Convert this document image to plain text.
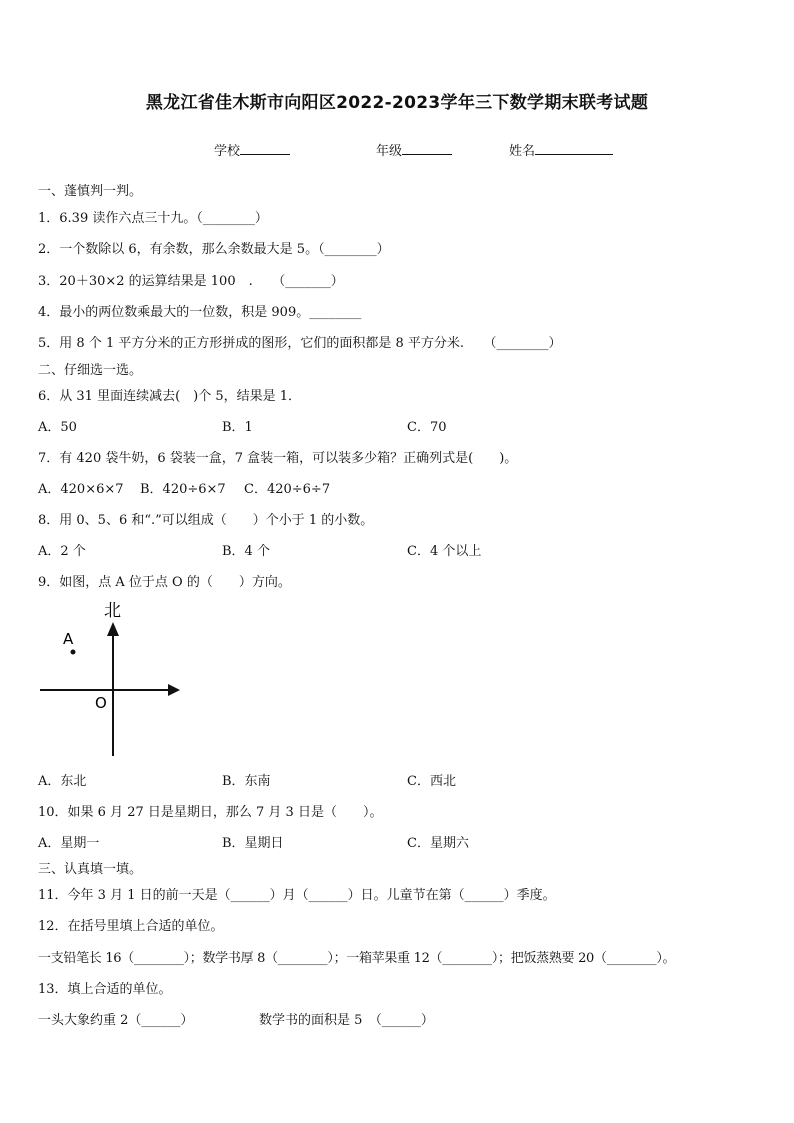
黑龙江省佳木斯市向阳区2022-2023学年三下数学期末联考试题
学校	年级	姓名
一、蓬慎判一判。
1．6.39 读作六点三十九。（________）
2．一个数除以 6，有余数，那么余数最大是 5。（________）
3．20＋30×2 的运算结果是 100　.　　（_______）
4．最小的两位数乘最大的一位数，积是 909。________
5．用 8 个 1 平方分米的正方形拼成的图形，它们的面积都是 8 平方分米.　　（________）
二、仔细选一选。
6．从 31 里面连续减去(　)个 5，结果是 1．
A．50	B．1	C．70
7．有 420 袋牛奶，6 袋装一盒，7 盒装一箱，可以装多少箱？正确列式是(　　)。
A．420×6×7 B．420÷6×7 C．420÷6÷7
8．用 0、5、6 和“.”可以组成（　　）个小于 1 的小数。
A．2 个	B．4 个	C．4 个以上
9．如图，点 A 位于点 O 的（　　）方向。
北
A
O
A．东北	B．东南	C．西北
10．如果 6 月 27 日是星期日，那么 7 月 3 日是（　　）。
A．星期一	B．星期日	C．星期六
三、认真填一填。
11．今年 3 月 1 日的前一天是（______）月（______）日。儿童节在第（______）季度。
12．在括号里填上合适的单位。
一支铅笔长 16（________）；数学书厚 8（________）；一箱苹果重 12（________）；把饭蒸熟要 20（________）。
13．填上合适的单位。
一头大象约重 2（______）	数学书的面积是 5　（______）
